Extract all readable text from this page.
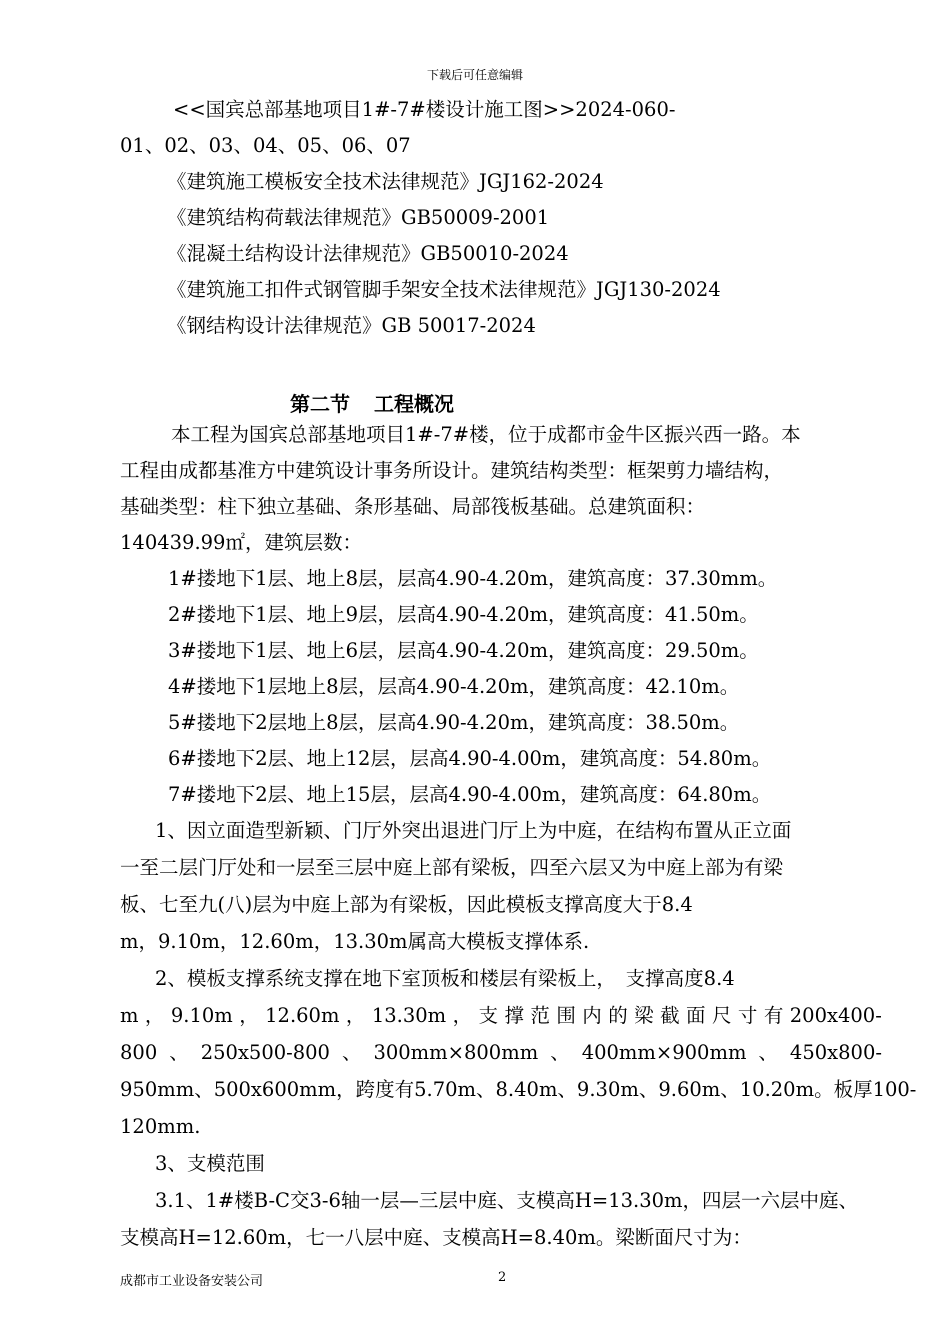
下载后可任意编辑
<<国宾总部基地项目1#-7#楼设计施工图>>2024-060-
01、02、03、04、05、06、07
《建筑施工模板安全技术法律规范》JGJ162-2024
《建筑结构荷载法律规范》GB50009-2001
《混凝土结构设计法律规范》GB50010-2024
《建筑施工扣件式钢管脚手架安全技术法律规范》JGJ130-2024
《钢结构设计法律规范》GB 50017-2024
第二节 工程概况
本工程为国宾总部基地项目1#-7#楼，位于成都市金牛区振兴西一路。本
工程由成都基准方中建筑设计事务所设计。建筑结构类型：框架剪力墙结构，
基础类型：柱下独立基础、条形基础、局部筏板基础。总建筑面积：
140439.99㎡，建筑层数：
1#搂地下1层、地上8层，层高4.90-4.20m，建筑高度：37.30mm。
2#搂地下1层、地上9层，层高4.90-4.20m，建筑高度：41.50m。
3#搂地下1层、地上6层，层高4.90-4.20m，建筑高度：29.50m。
4#搂地下1层地上8层，层高4.90-4.20m，建筑高度：42.10m。
5#搂地下2层地上8层，层高4.90-4.20m，建筑高度：38.50m。
6#搂地下2层、地上12层，层高4.90-4.00m，建筑高度：54.80m。
7#搂地下2层、地上15层，层高4.90-4.00m，建筑高度：64.80m。
1、因立面造型新颖、门厅外突出退进门厅上为中庭，在结构布置从正立面
一至二层门厅处和一层至三层中庭上部有梁板，四至六层又为中庭上部为有梁
板、七至九(八)层为中庭上部为有梁板，因此模板支撑高度大于8.4
m，9.10m，12.60m，13.30m属高大模板支撑体系.
2、模板支撑系统支撑在地下室顶板和楼层有梁板上，　支撑高度8.4
m ， 9.10m ， 12.60m ， 13.30m ， 支 撑 范 围 内 的 梁 截 面 尺 寸 有 200x400-
800 、 250x500-800 、 300mm×800mm 、 400mm×900mm 、 450x800-
950mm、500x600mm，跨度有5.70m、8.40m、9.30m、9.60m、10.20m。板厚100-
120mm.
3、支模范围
3.1、1#楼B-C交3-6轴一层—三层中庭、支模高H=13.30m，四层一六层中庭、
支模高H=12.60m，七一八层中庭、支模高H=8.40m。梁断面尺寸为：
成都市工业设备安装公司	2
